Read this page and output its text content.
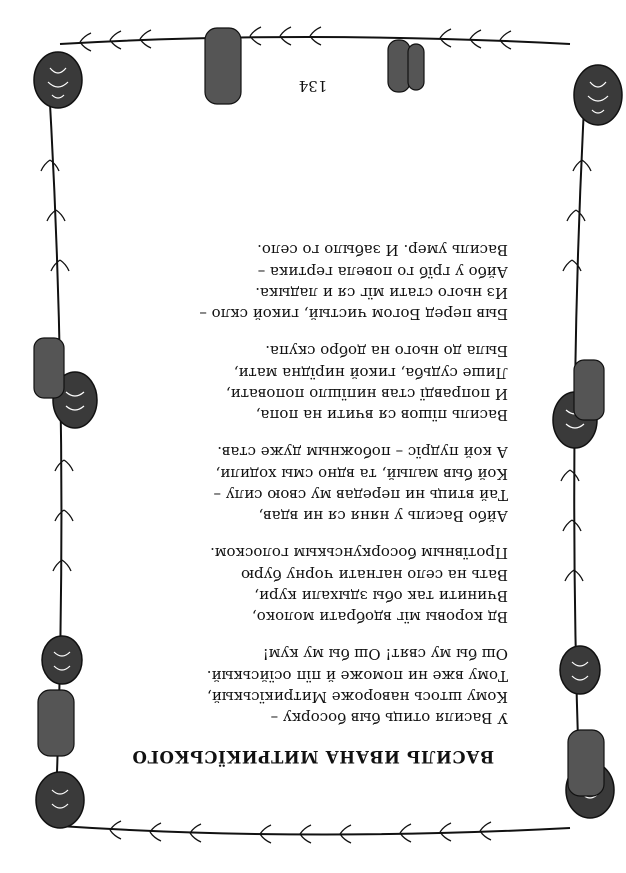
ВАСИЛЬ ИВАНА МИТРИКЇСЬКОГО
У Василя отиць быв босорку –
Кому штось навороже Митрикїськый,
Тому вже ни поможе й пїп осїйськый.
Ош бы му свят! Ош бы му кум!
Вд коровы мїг вдобрати молоко,
Вчинити так обы здыхали кури,
Вать на село нагнати чорну бурю
Протївным босоркунськым голоском.
Айбо Василь у няня ся ни вдав,
Тай втиць ни передав му свою силу –
Кой быв малый, та вдно смы ходили,
А кой пудрїс – побожным дуже став.
Василь пїшов ся вчити на попа,
И поправдї став нипїшло поповати,
Лише судьба, гикой нирїдна мати,
Была до нього на добро скупа.
Быв перед Богом чистый, гикой скло –
Из нього стати мїг ся и ладыка.
Айбо у грїб го повела гертика –
Василь умер. И забыло го село.
134
